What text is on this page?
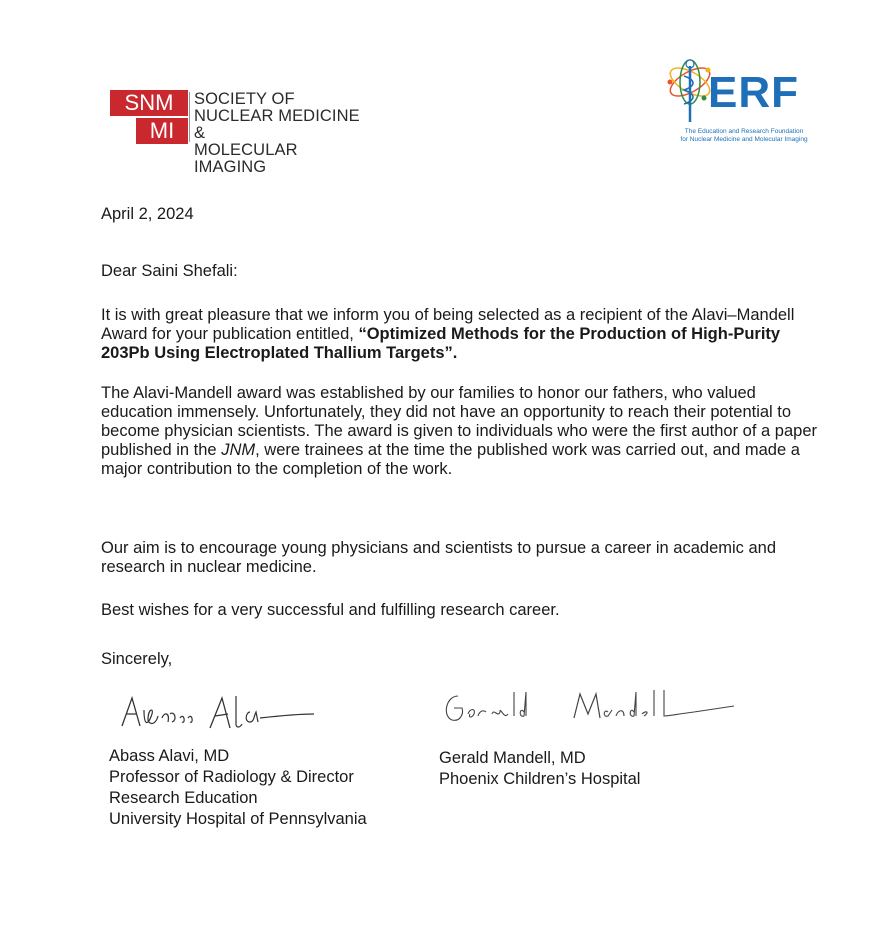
SNM
MI
SOCIETY OF
NUCLEAR MEDICINE &
MOLECULAR IMAGING
ERF
The Education and Research Foundation
for Nuclear Medicine and Molecular Imaging

April 2, 2024

Dear Saini Shefali:

It is with great pleasure that we inform you of being selected as a recipient of the Alavi–Mandell Award for your publication entitled, “Optimized Methods for the Production of High-Purity 203Pb Using Electroplated Thallium Targets”.

The Alavi-Mandell award was established by our families to honor our fathers, who valued education immensely. Unfortunately, they did not have an opportunity to reach their potential to become physician scientists. The award is given to individuals who were the first author of a paper published in the JNM, were trainees at the time the published work was carried out, and made a major contribution to the completion of the work.

Our aim is to encourage young physicians and scientists to pursue a career in academic and research in nuclear medicine.

Best wishes for a very successful and fulfilling research career.

Sincerely,

Abass Alavi, MD
Professor of Radiology & Director
Research Education
University Hospital of Pennsylvania
Gerald Mandell, MD
Phoenix Children’s Hospital
